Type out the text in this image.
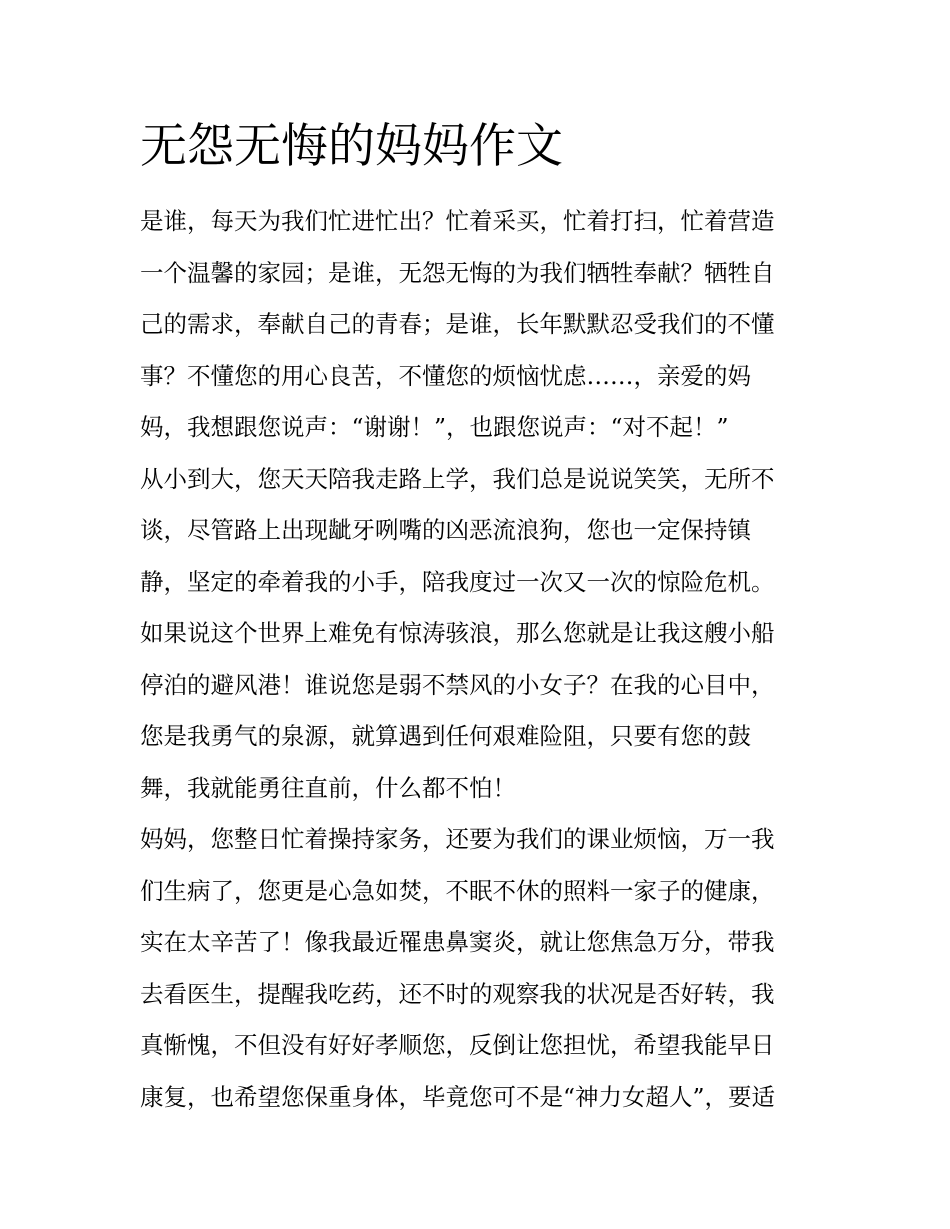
无怨无悔的妈妈作文
是谁，每天为我们忙进忙出？忙着采买，忙着打扫，忙着营造
一个温馨的家园；是谁，无怨无悔的为我们牺牲奉献？牺牲自
己的需求，奉献自己的青春；是谁，长年默默忍受我们的不懂
事？不懂您的用心良苦，不懂您的烦恼忧虑……，亲爱的妈
妈，我想跟您说声：“谢谢！”，也跟您说声：“对不起！”
从小到大，您天天陪我走路上学，我们总是说说笑笑，无所不
谈，尽管路上出现龇牙咧嘴的凶恶流浪狗，您也一定保持镇
静，坚定的牵着我的小手，陪我度过一次又一次的惊险危机。
如果说这个世界上难免有惊涛骇浪，那么您就是让我这艘小船
停泊的避风港！谁说您是弱不禁风的小女子？在我的心目中，
您是我勇气的泉源，就算遇到任何艰难险阻，只要有您的鼓
舞，我就能勇往直前，什么都不怕！
妈妈，您整日忙着操持家务，还要为我们的课业烦恼，万一我
们生病了，您更是心急如焚，不眠不休的照料一家子的健康，
实在太辛苦了！像我最近罹患鼻窦炎，就让您焦急万分，带我
去看医生，提醒我吃药，还不时的观察我的状况是否好转，我
真惭愧，不但没有好好孝顺您，反倒让您担忧，希望我能早日
康复，也希望您保重身体，毕竟您可不是“神力女超人”，要适
